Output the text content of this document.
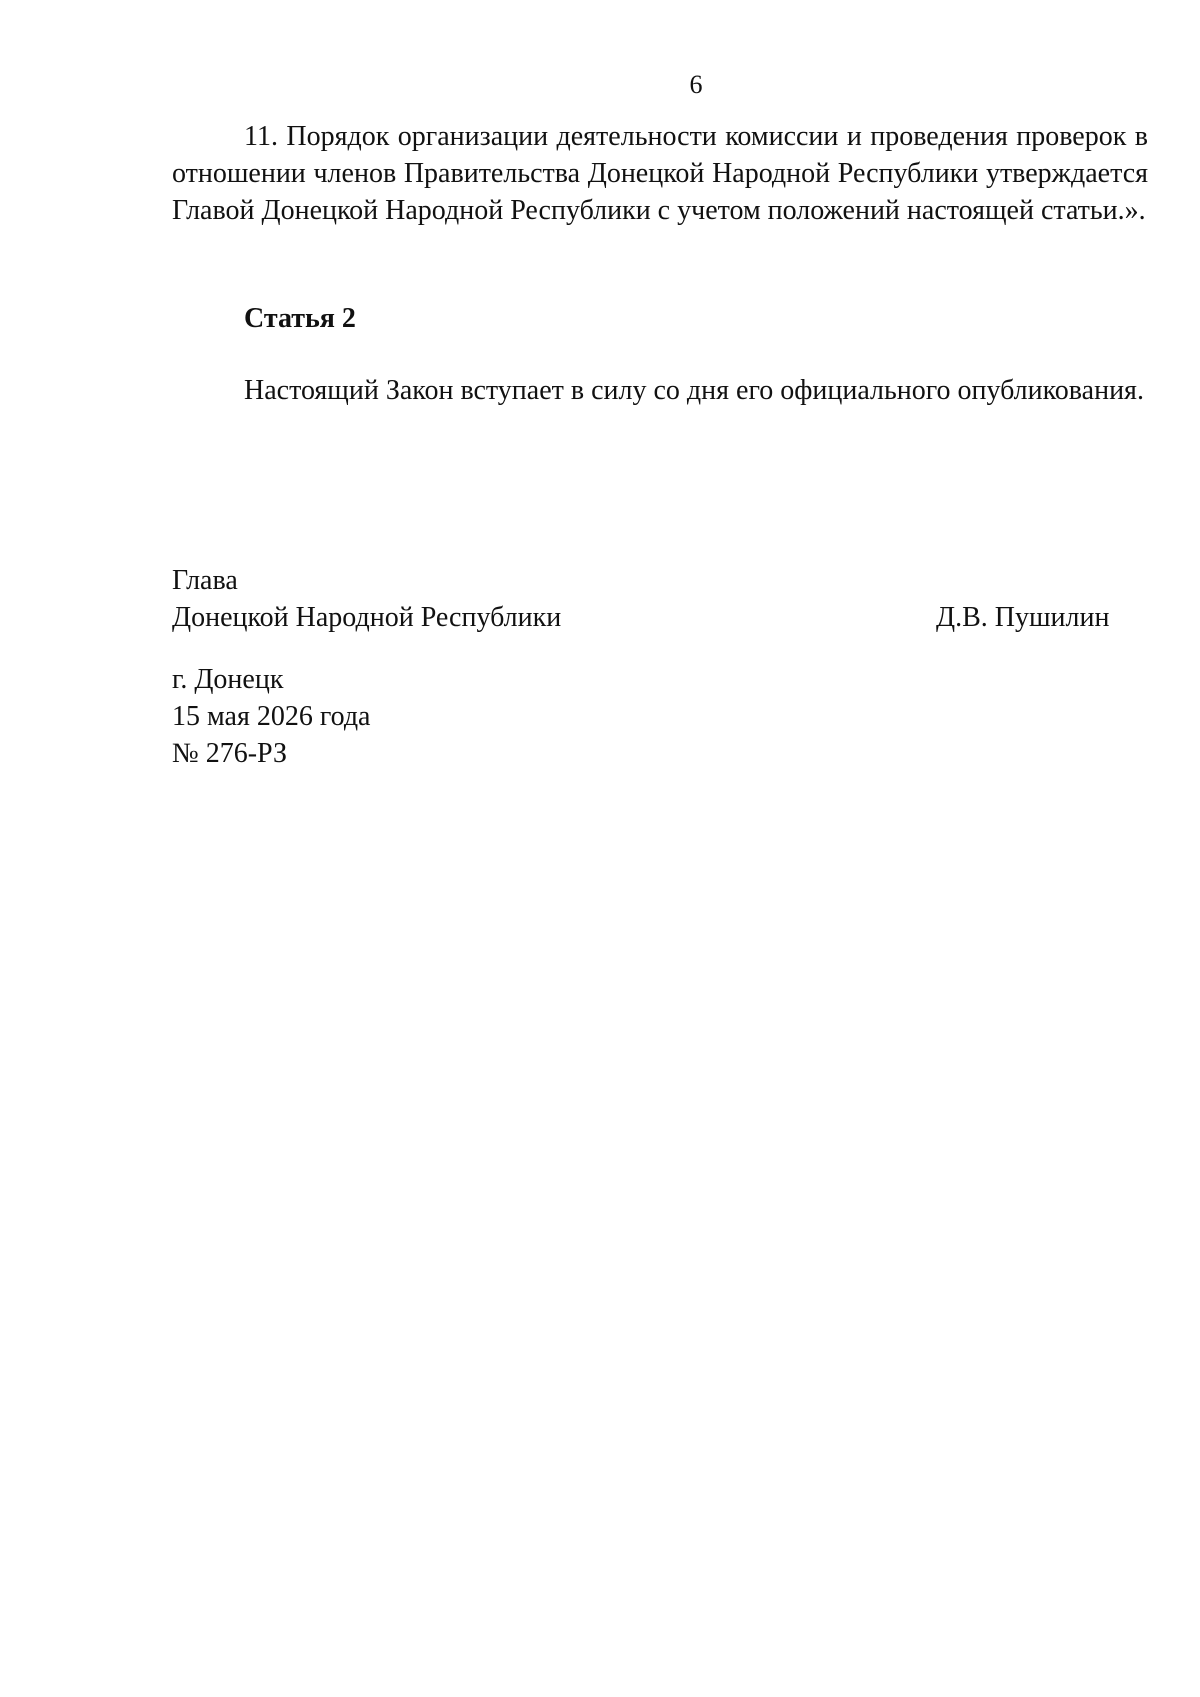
6

11. Порядок организации деятельности комиссии и проведения проверок в отношении членов Правительства Донецкой Народной Республики утверждается Главой Донецкой Народной Республики с учетом положений настоящей статьи.».

Статья 2

Настоящий Закон вступает в силу со дня его официального опубликования.

Глава
Донецкой Народной Республики	Д.В. Пушилин
г. Донецк
15 мая 2026 года
№ 276-РЗ
